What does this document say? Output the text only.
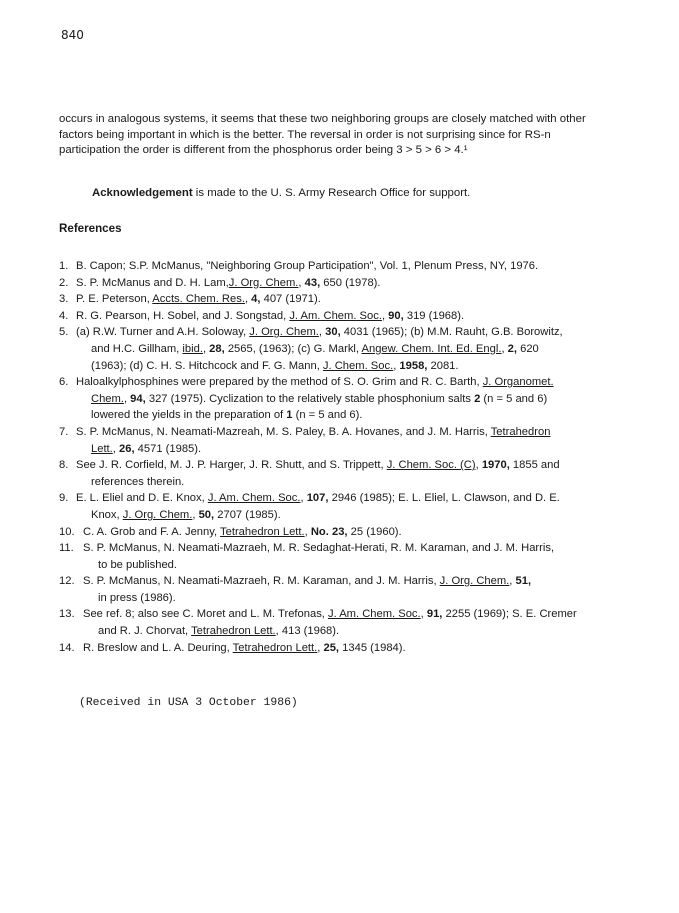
840
occurs in analogous systems, it seems that these two neighboring groups are closely matched with other
factors being important in which is the better. The reversal in order is not surprising since for RS-n
participation the order is different from the phosphorus order being 3 > 5 > 6 > 4.¹
Acknowledgement is made to the U. S. Army Research Office for support.
References
1. B. Capon; S.P. McManus, "Neighboring Group Participation", Vol. 1, Plenum Press, NY, 1976.
2. S. P. McManus and D. H. Lam,J. Org. Chem., 43, 650 (1978).
3. P. E. Peterson, Accts. Chem. Res., 4, 407 (1971).
4. R. G. Pearson, H. Sobel, and J. Songstad, J. Am. Chem. Soc., 90, 319 (1968).
5. (a) R.W. Turner and A.H. Soloway, J. Org. Chem., 30, 4031 (1965); (b) M.M. Rauht, G.B. Borowitz,
and H.C. Gillham, ibid., 28, 2565, (1963); (c) G. Markl, Angew. Chem. Int. Ed. Engl., 2, 620
(1963); (d) C. H. S. Hitchcock and F. G. Mann, J. Chem. Soc., 1958, 2081.
6. Haloalkylphosphines were prepared by the method of S. O. Grim and R. C. Barth, J. Organomet.
Chem., 94, 327 (1975). Cyclization to the relatively stable phosphonium salts 2 (n = 5 and 6)
lowered the yields in the preparation of 1 (n = 5 and 6).
7. S. P. McManus, N. Neamati-Mazreah, M. S. Paley, B. A. Hovanes, and J. M. Harris, Tetrahedron
Lett., 26, 4571 (1985).
8. See J. R. Corfield, M. J. P. Harger, J. R. Shutt, and S. Trippett, J. Chem. Soc. (C), 1970, 1855 and
references therein.
9. E. L. Eliel and D. E. Knox, J. Am. Chem. Soc., 107, 2946 (1985); E. L. Eliel, L. Clawson, and D. E.
Knox, J. Org. Chem., 50, 2707 (1985).
10. C. A. Grob and F. A. Jenny, Tetrahedron Lett., No. 23, 25 (1960).
11. S. P. McManus, N. Neamati-Mazraeh, M. R. Sedaghat-Herati, R. M. Karaman, and J. M. Harris,
to be published.
12. S. P. McManus, N. Neamati-Mazraeh, R. M. Karaman, and J. M. Harris, J. Org. Chem., 51,
in press (1986).
13. See ref. 8; also see C. Moret and L. M. Trefonas, J. Am. Chem. Soc., 91, 2255 (1969); S. E. Cremer
and R. J. Chorvat, Tetrahedron Lett., 413 (1968).
14. R. Breslow and L. A. Deuring, Tetrahedron Lett., 25, 1345 (1984).
(Received in USA 3 October 1986)
